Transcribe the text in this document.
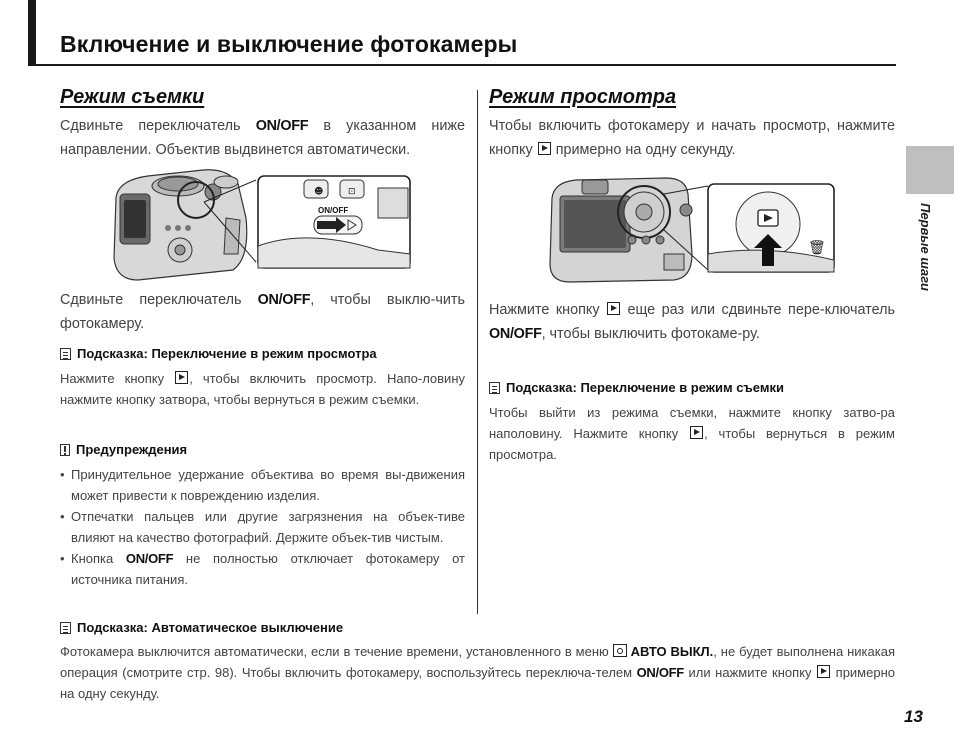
Включение и выключение фотокамеры
Первые шаги
Режим съемки

Сдвиньте переключатель ON/OFF в указанном ниже направлении. Объектив выдвинется автоматически.

☻	⊡
ON/OFF

Сдвиньте переключатель ON/OFF, чтобы выклю-чить фотокамеру.

Подсказка: Переключение в режим просмотра

Нажмите кнопку , чтобы включить просмотр. Напо-ловину нажмите кнопку затвора, чтобы вернуться в режим съемки.

Предупреждения
• Принудительное удержание объектива во время вы-движения может привести к повреждению изделия.
• Отпечатки пальцев или другие загрязнения на объек-тиве влияют на качество фотографий. Держите объек-тив чистым.
• Кнопка ON/OFF не полностью отключает фотокамеру от источника питания.
Режим просмотра

Чтобы включить фотокамеру и начать просмотр, нажмите кнопку  примерно на одну секунду.

🗑

Нажмите кнопку  еще раз или сдвиньте пере-ключатель ON/OFF, чтобы выключить фотокаме-ру.

Подсказка: Переключение в режим съемки

Чтобы выйти из режима съемки, нажмите кнопку затво-ра наполовину. Нажмите кнопку , чтобы вернуться в режим просмотра.

Подсказка: Автоматическое выключение

Фотокамера выключится автоматически, если в течение времени, установленного в меню  АВТО ВЫКЛ., не будет выполнена никакая операция (смотрите стр. 98). Чтобы включить фотокамеру, воспользуйтесь переключа-телем ON/OFF или нажмите кнопку  примерно на одну секунду.

13
